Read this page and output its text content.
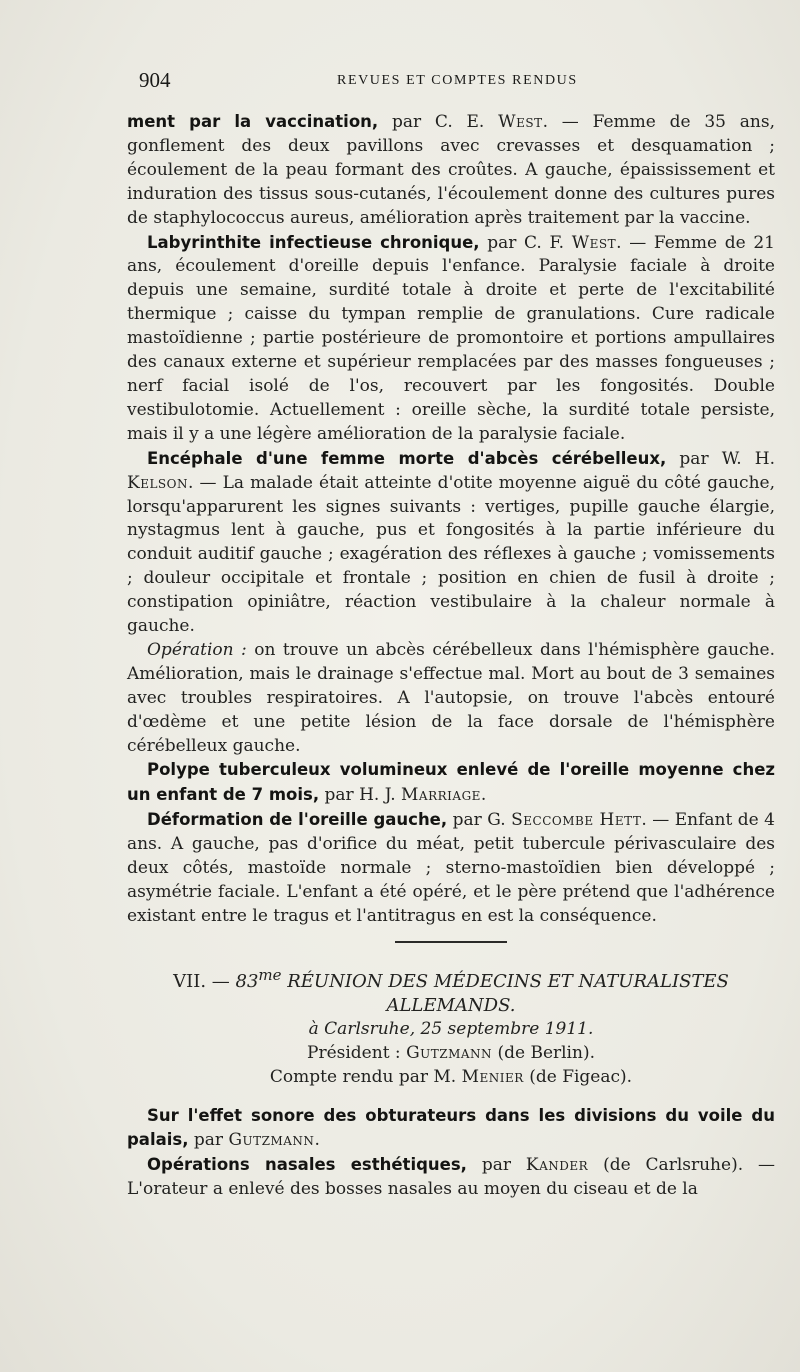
904	REVUES ET COMPTES RENDUS

ment par la vaccination, par C. E. West. — Femme de 35 ans, gonflement des deux pavillons avec crevasses et desquamation ; écoulement de la peau formant des croûtes. A gauche, épaississement et induration des tissus sous-cutanés, l'écoulement donne des cultures pures de staphylococcus aureus, amélioration après traitement par la vaccine.

Labyrinthite infectieuse chronique, par C. F. West. — Femme de 21 ans, écoulement d'oreille depuis l'enfance. Paralysie faciale à droite depuis une semaine, surdité totale à droite et perte de l'excitabilité thermique ; caisse du tympan remplie de granulations. Cure radicale mastoïdienne ; partie postérieure de promontoire et portions ampullaires des canaux externe et supérieur remplacées par des masses fongueuses ; nerf facial isolé de l'os, recouvert par les fongosités. Double vestibulotomie. Actuellement : oreille sèche, la surdité totale persiste, mais il y a une légère amélioration de la paralysie faciale.

Encéphale d'une femme morte d'abcès cérébelleux, par W. H. Kelson. — La malade était atteinte d'otite moyenne aiguë du côté gauche, lorsqu'apparurent les signes suivants : vertiges, pupille gauche élargie, nystagmus lent à gauche, pus et fongosités à la partie inférieure du conduit auditif gauche ; exagération des réflexes à gauche ; vomissements ; douleur occipitale et frontale ; position en chien de fusil à droite ; constipation opiniâtre, réaction vestibulaire à la chaleur normale à gauche.

Opération : on trouve un abcès cérébelleux dans l'hémisphère gauche. Amélioration, mais le drainage s'effectue mal. Mort au bout de 3 semaines avec troubles respiratoires. A l'autopsie, on trouve l'abcès entouré d'œdème et une petite lésion de la face dorsale de l'hémisphère cérébelleux gauche.

Polype tuberculeux volumineux enlevé de l'oreille moyenne chez un enfant de 7 mois, par H. J. Marriage.

Déformation de l'oreille gauche, par G. Seccombe Hett. — Enfant de 4 ans. A gauche, pas d'orifice du méat, petit tubercule périvasculaire des deux côtés, mastoïde normale ; sterno-mastoïdien bien développé ; asymétrie faciale. L'enfant a été opéré, et le père prétend que l'adhérence existant entre le tragus et l'antitragus en est la conséquence.

VII. — $83^{me}$ RÉUNION DES MÉDECINS ET NATURALISTES ALLEMANDS.

à Carlsruhe, 25 septembre 1911.

Président : Gutzmann (de Berlin).

Compte rendu par M. Menier (de Figeac).

Sur l'effet sonore des obturateurs dans les divisions du voile du palais, par Gutzmann.

Opérations nasales esthétiques, par Kander (de Carlsruhe). — L'orateur a enlevé des bosses nasales au moyen du ciseau et de la
